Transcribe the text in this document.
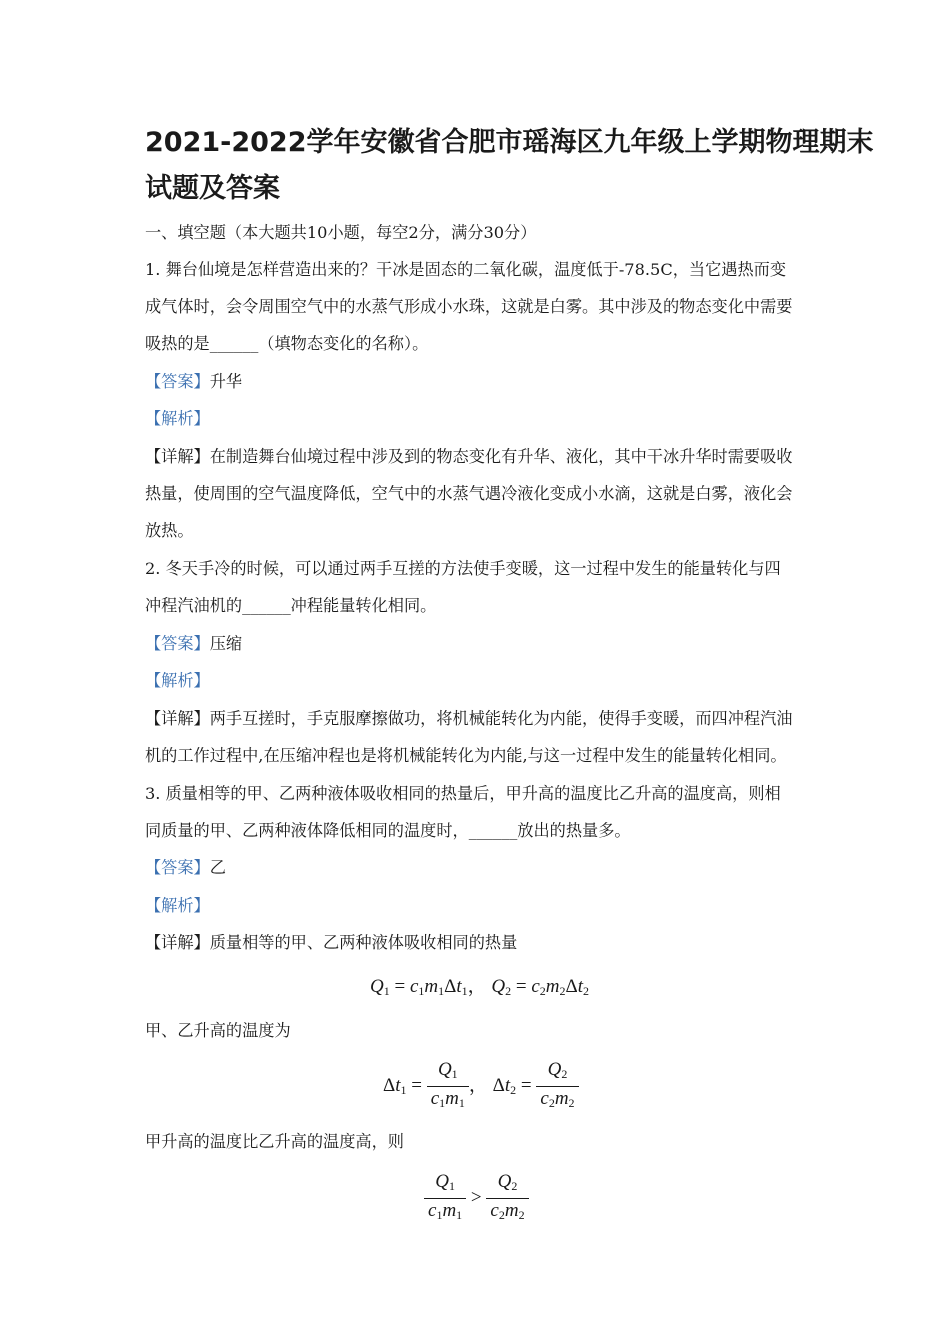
2021-2022学年安徽省合肥市瑶海区九年级上学期物理期末
试题及答案
一、填空题（本大题共10小题，每空2分，满分30分）
1. 舞台仙境是怎样营造出来的？干冰是固态的二氧化碳，温度低于-78.5C，当它遇热而变
成气体时，会令周围空气中的水蒸气形成小水珠，这就是白雾。其中涉及的物态变化中需要
吸热的是______（填物态变化的名称）。
【答案】升华
【解析】
【详解】在制造舞台仙境过程中涉及到的物态变化有升华、液化，其中干冰升华时需要吸收
热量，使周围的空气温度降低，空气中的水蒸气遇冷液化变成小水滴，这就是白雾，液化会
放热。
2. 冬天手冷的时候，可以通过两手互搓的方法使手变暖，这一过程中发生的能量转化与四
冲程汽油机的______冲程能量转化相同。
【答案】压缩
【解析】
【详解】两手互搓时，手克服摩擦做功，将机械能转化为内能，使得手变暖，而四冲程汽油
机的工作过程中,在压缩冲程也是将机械能转化为内能,与这一过程中发生的能量转化相同。
3. 质量相等的甲、乙两种液体吸收相同的热量后，甲升高的温度比乙升高的温度高，则相
同质量的甲、乙两种液体降低相同的温度时，______放出的热量多。
【答案】乙
【解析】
【详解】质量相等的甲、乙两种液体吸收相同的热量
$Q_1 = c_1m_1\Delta t_1$， $Q_2 = c_2m_2\Delta t_2$
甲、乙升高的温度为
$\Delta t_1 = \frac{Q_1}{c_1m_1}$ ， $\Delta t_2 = \frac{Q_2}{c_2m_2}$
甲升高的温度比乙升高的温度高，则
$\frac{Q_1}{c_1m_1} > \frac{Q_2}{c_2m_2}$
